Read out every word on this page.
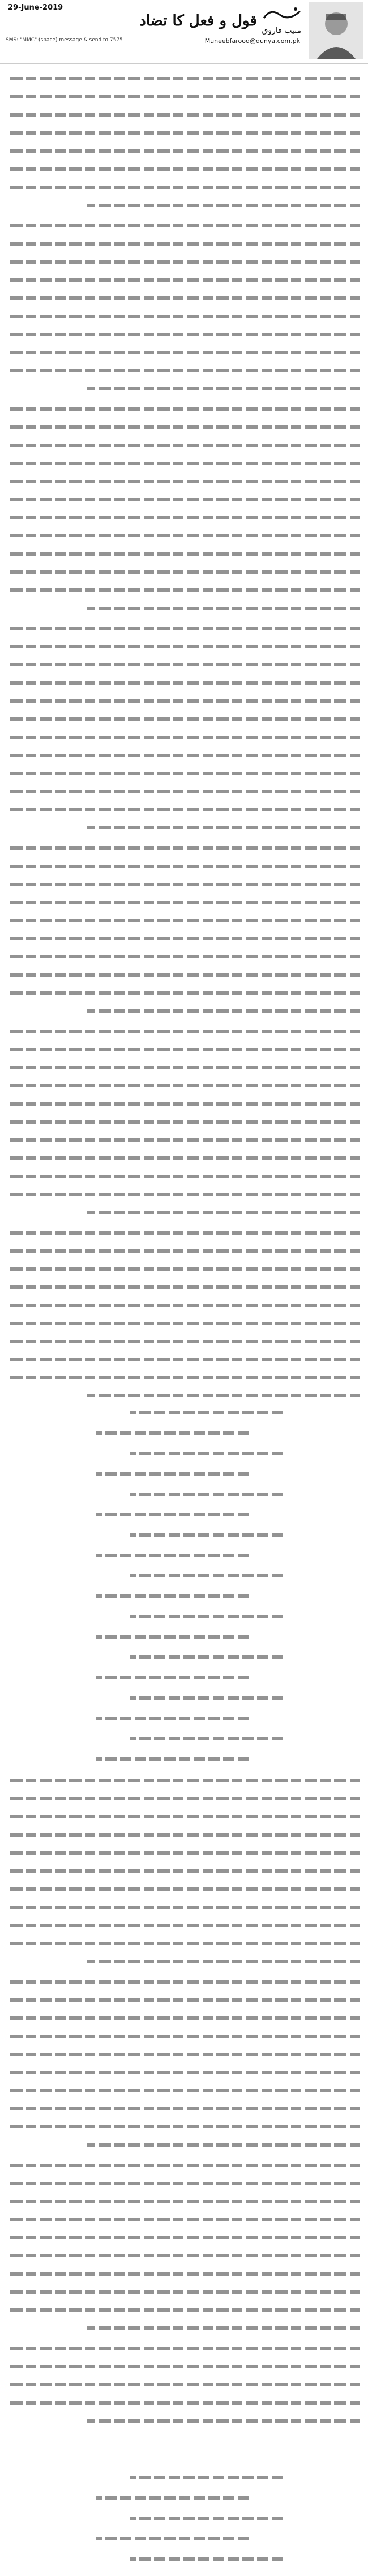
29-June-2019
قول و فعل کا تضاد
منیب فاروق
SMS: "MMC" (space) message & send to 7575	Muneebfarooq@dunya.com.pk
